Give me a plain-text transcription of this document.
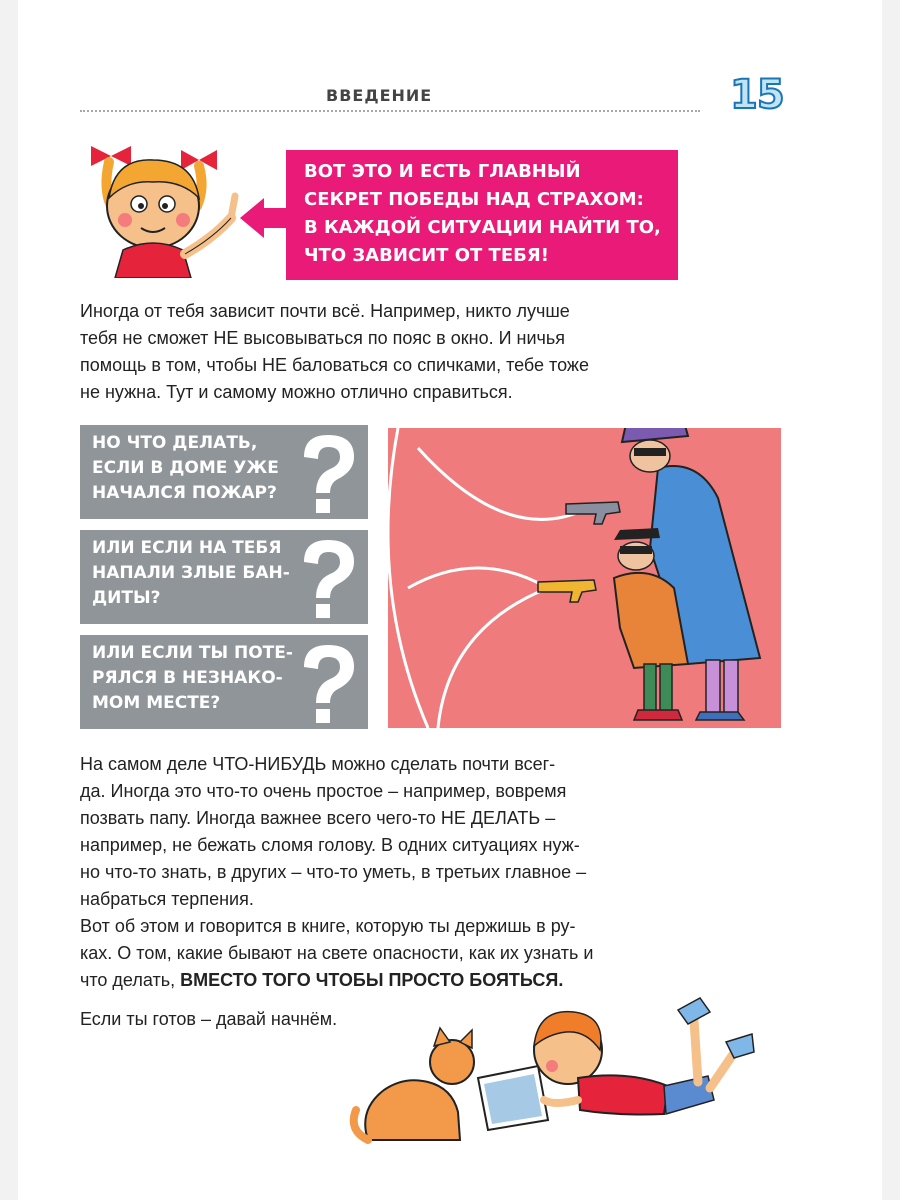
ВВЕДЕНИЕ	15

ВОТ ЭТО И ЕСТЬ ГЛАВНЫЙ

СЕКРЕТ ПОБЕДЫ НАД СТРАХОМ:

В КАЖДОЙ СИТУАЦИИ НАЙТИ ТО,

ЧТО ЗАВИСИТ ОТ ТЕБЯ!

Иногда от тебя зависит почти всё. Например, никто лучше

тебя не сможет НЕ высовываться по пояс в окно. И ничья

помощь в том, чтобы НЕ баловаться со спичками, тебе тоже

не нужна. Тут и самому можно отлично справиться.

НО ЧТО ДЕЛАТЬ,
ЕСЛИ В ДОМЕ УЖЕ
НАЧАЛСЯ ПОЖАР?
ИЛИ ЕСЛИ НА ТЕБЯ
НАПАЛИ ЗЛЫЕ БАН-
ДИТЫ?
ИЛИ ЕСЛИ ТЫ ПОТЕ-
РЯЛСЯ В НЕЗНАКО-
МОМ МЕСТЕ?

На самом деле ЧТО-НИБУДЬ можно сделать почти всег-

да. Иногда это что-то очень простое – например, вовремя

позвать папу. Иногда важнее всего чего-то НЕ ДЕЛАТЬ –

например, не бежать сломя голову. В одних ситуациях нуж-

но что-то знать, в других – что-то уметь, в третьих главное –

набраться терпения.

Вот об этом и говорится в книге, которую ты держишь в ру-

ках. О том, какие бывают на свете опасности, как их узнать и

что делать, ВМЕСТО ТОГО ЧТОБЫ ПРОСТО БОЯТЬСЯ.

Если ты готов – давай начнём.
